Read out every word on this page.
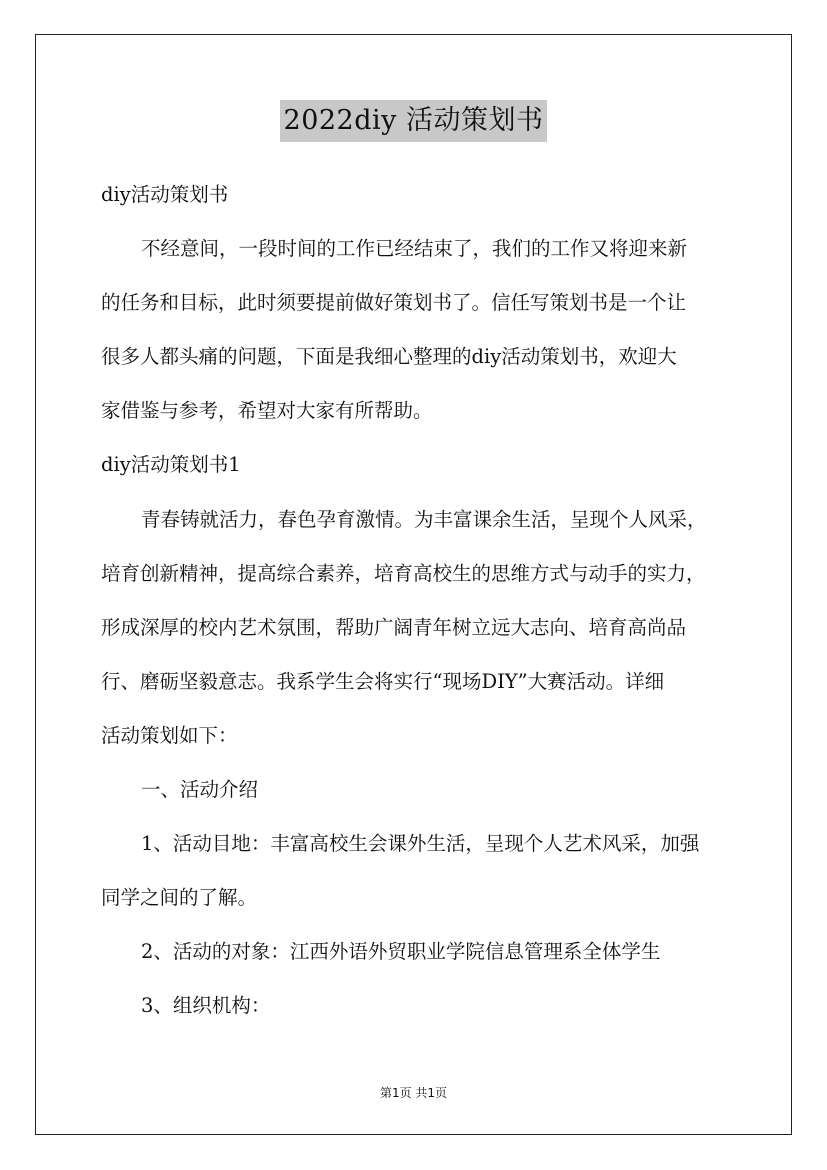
2022diy 活动策划书
diy活动策划书
不经意间，一段时间的工作已经结束了，我们的工作又将迎来新
的任务和目标，此时须要提前做好策划书了。信任写策划书是一个让
很多人都头痛的问题，下面是我细心整理的diy活动策划书，欢迎大
家借鉴与参考，希望对大家有所帮助。
diy活动策划书1
青春铸就活力，春色孕育激情。为丰富课余生活，呈现个人风采，
培育创新精神，提高综合素养，培育高校生的思维方式与动手的实力，
形成深厚的校内艺术氛围，帮助广阔青年树立远大志向、培育高尚品
行、磨砺坚毅意志。我系学生会将实行“现场DIY”大赛活动。详细
活动策划如下：
一、活动介绍
1、活动目地：丰富高校生会课外生活，呈现个人艺术风采，加强
同学之间的了解。
2、活动的对象：江西外语外贸职业学院信息管理系全体学生
3、组织机构：
第1页 共1页
